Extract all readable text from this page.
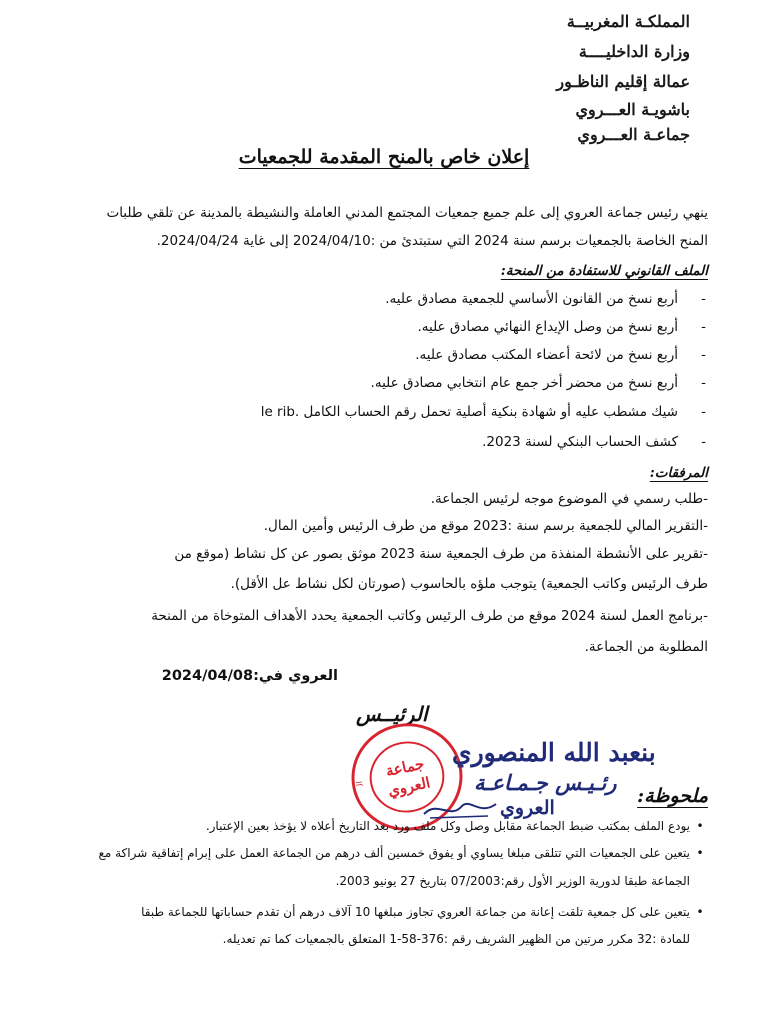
المملكـة المغربيــة
وزارة الداخليــــة
عمالة إقليم الناظـور
باشويـة العـــروي
جماعـة العـــروي
إعلان خاص بالمنح المقدمة للجمعيات
ينهي رئيس جماعة العروي إلى علم جميع جمعيات المجتمع المدني العاملة والنشيطة بالمدينة عن تلقي طلبات
المنح الخاصة بالجمعيات برسم سنة 2024 التي ستبتدئ من :2024/04/10 إلى غاية 2024/04/24.
الملف القانوني للاستفادة من المنحة:
-أربع نسخ من القانون الأساسي للجمعية مصادق عليه.
-أربع نسخ من وصل الإيداع النهائي مصادق عليه.
-أربع نسخ من لائحة أعضاء المكتب مصادق عليه.
-أربع نسخ من محضر أخر جمع عام انتخابي مصادق عليه.
-شيك مشطب عليه أو شهادة بنكية أصلية تحمل رقم الحساب الكامل .le rib
-كشف الحساب البنكي لسنة 2023.
المرفقات:
-طلب رسمي في الموضوع موجه لرئيس الجماعة.
-التقرير المالي للجمعية برسم سنة :2023 موقع من طرف الرئيس وأمين المال.
-تقرير على الأنشطة المنفذة من طرف الجمعية سنة 2023 موثق بصور عن كل نشاط (موقع من
طرف الرئيس وكاتب الجمعية) يتوجب ملؤه بالحاسوب (صورتان لكل نشاط عل الأقل).
-برنامج العمل لسنة 2024 موقع من طرف الرئيس وكاتب الجمعية يحدد الأهداف المتوخاة من المنحة
المطلوبة من الجماعة.
العروي في:2024/04/08
الرئيــس
المملكة
جماعة
العروي
بنعبد الله المنصوري
رئـيـس جـمـاعـة
العروي
ملحوظة:
•يودع الملف بمكتب ضبط الجماعة مقابل وصل وكل ملف ورد بعد التاريخ أعلاه لا يؤخذ بعين الإعتبار.
•يتعين على الجمعيات التي تتلقى مبلغا يساوي أو يفوق خمسين ألف درهم من الجماعة العمل على إبرام إتفاقية شراكة مع
الجماعة طبقا لدورية الوزير الأول رقم:07/2003 بتاريخ 27 يونيو 2003.
•يتعين على كل جمعية تلقت إعانة من جماعة العروي تجاوز مبلغها 10 آلاف درهم أن تقدم حساباتها للجماعة طبقا
للمادة :32 مكرر مرتين من الظهير الشريف رقم :376-58-1 المتعلق بالجمعيات كما تم تعديله.
